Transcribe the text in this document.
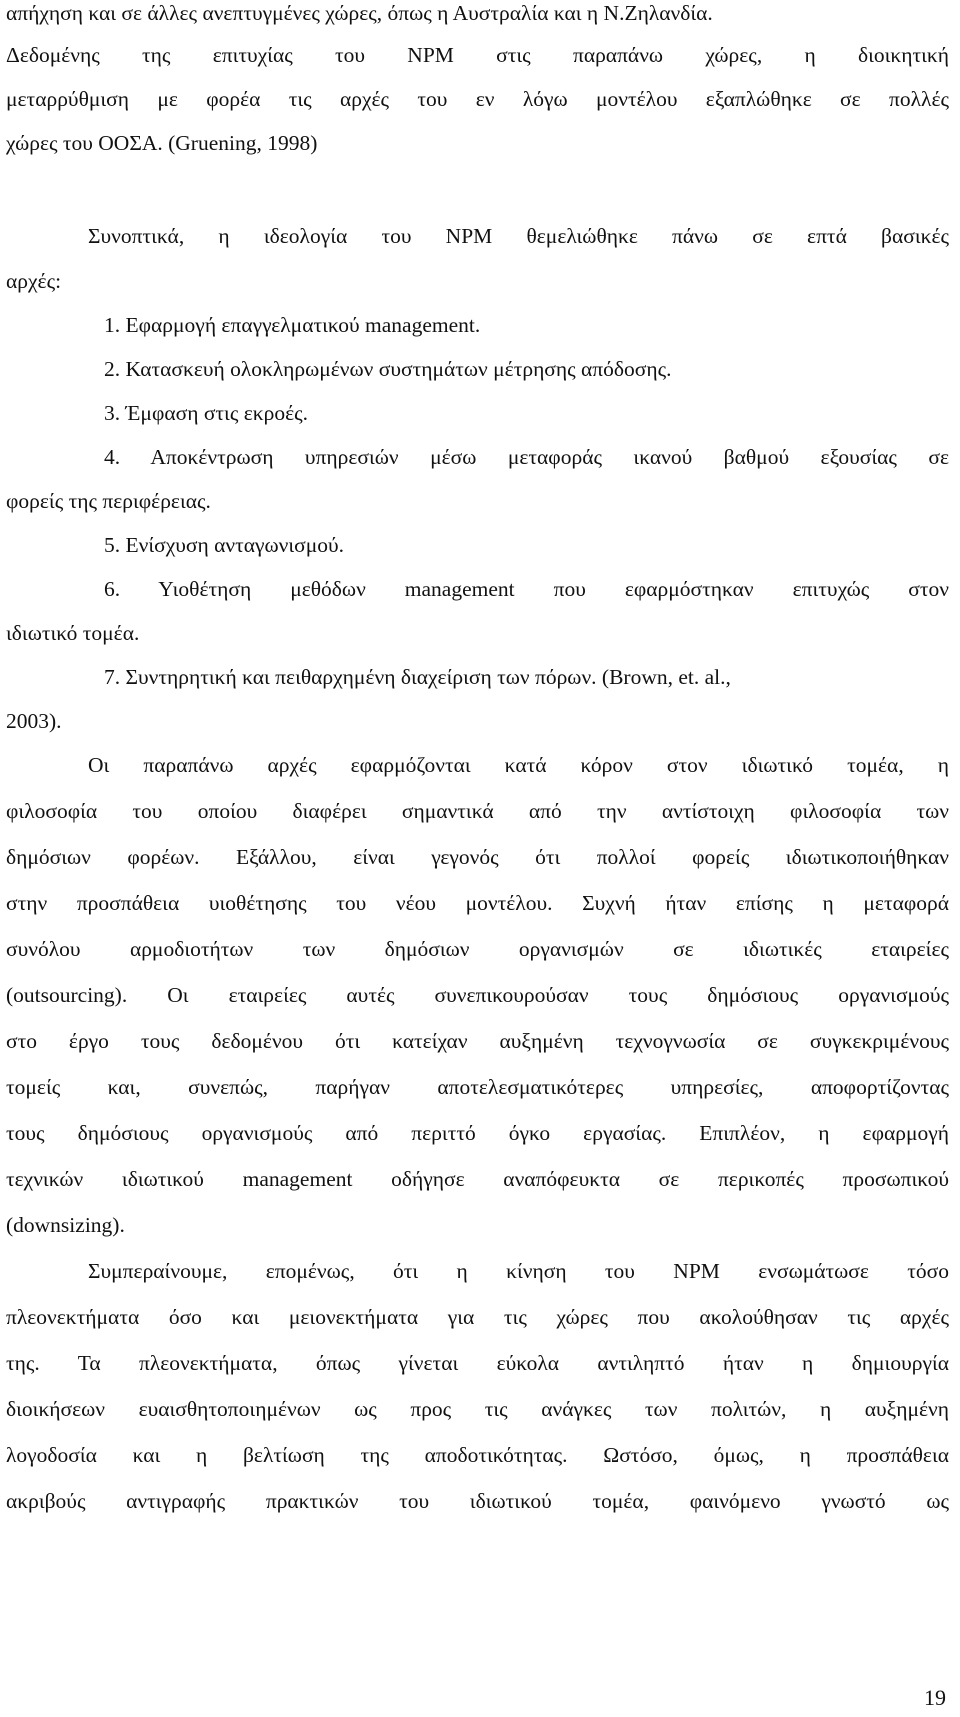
απήχηση και σε άλλες ανεπτυγμένες χώρες, όπως η Αυστραλία και η Ν.Ζηλανδία.
Δεδομένης της επιτυχίας του NPM στις παραπάνω χώρες, η διοικητική
μεταρρύθμιση με φορέα τις αρχές του εν λόγω μοντέλου εξαπλώθηκε σε πολλές
χώρες του ΟΟΣΑ. (Gruening, 1998)
Συνοπτικά, η ιδεολογία του NPM θεμελιώθηκε πάνω σε επτά βασικές
αρχές:
1. Εφαρμογή επαγγελματικού management.
2. Κατασκευή ολοκληρωμένων συστημάτων μέτρησης απόδοσης.
3. Έμφαση στις εκροές.
4. Αποκέντρωση υπηρεσιών μέσω μεταφοράς ικανού βαθμού εξουσίας σε
φορείς της περιφέρειας.
5. Ενίσχυση ανταγωνισμού.
6. Υιοθέτηση μεθόδων management που εφαρμόστηκαν επιτυχώς στον
ιδιωτικό τομέα.
7. Συντηρητική και πειθαρχημένη διαχείριση των πόρων. (Brown, et. al.,
2003).
Οι παραπάνω αρχές εφαρμόζονται κατά κόρον στον ιδιωτικό τομέα, η
φιλοσοφία του οποίου διαφέρει σημαντικά από την αντίστοιχη φιλοσοφία των
δημόσιων φορέων. Εξάλλου, είναι γεγονός ότι πολλοί φορείς ιδιωτικοποιήθηκαν
στην προσπάθεια υιοθέτησης του νέου μοντέλου. Συχνή ήταν επίσης η μεταφορά
συνόλου αρμοδιοτήτων των δημόσιων οργανισμών σε ιδιωτικές εταιρείες
(outsourcing). Οι εταιρείες αυτές συνεπικουρούσαν τους δημόσιους οργανισμούς
στο έργο τους δεδομένου ότι κατείχαν αυξημένη τεχνογνωσία σε συγκεκριμένους
τομείς και, συνεπώς, παρήγαν αποτελεσματικότερες υπηρεσίες, αποφορτίζοντας
τους δημόσιους οργανισμούς από περιττό όγκο εργασίας. Επιπλέον, η εφαρμογή
τεχνικών ιδιωτικού management οδήγησε αναπόφευκτα σε περικοπές προσωπικού
(downsizing).
Συμπεραίνουμε, επομένως, ότι η κίνηση του NPM ενσωμάτωσε τόσο
πλεονεκτήματα όσο και μειονεκτήματα για τις χώρες που ακολούθησαν τις αρχές
της. Τα πλεονεκτήματα, όπως γίνεται εύκολα αντιληπτό ήταν η δημιουργία
διοικήσεων ευαισθητοποιημένων ως προς τις ανάγκες των πολιτών, η αυξημένη
λογοδοσία και η βελτίωση της αποδοτικότητας. Ωστόσο, όμως, η προσπάθεια
ακριβούς αντιγραφής πρακτικών του ιδιωτικού τομέα, φαινόμενο γνωστό ως
19
